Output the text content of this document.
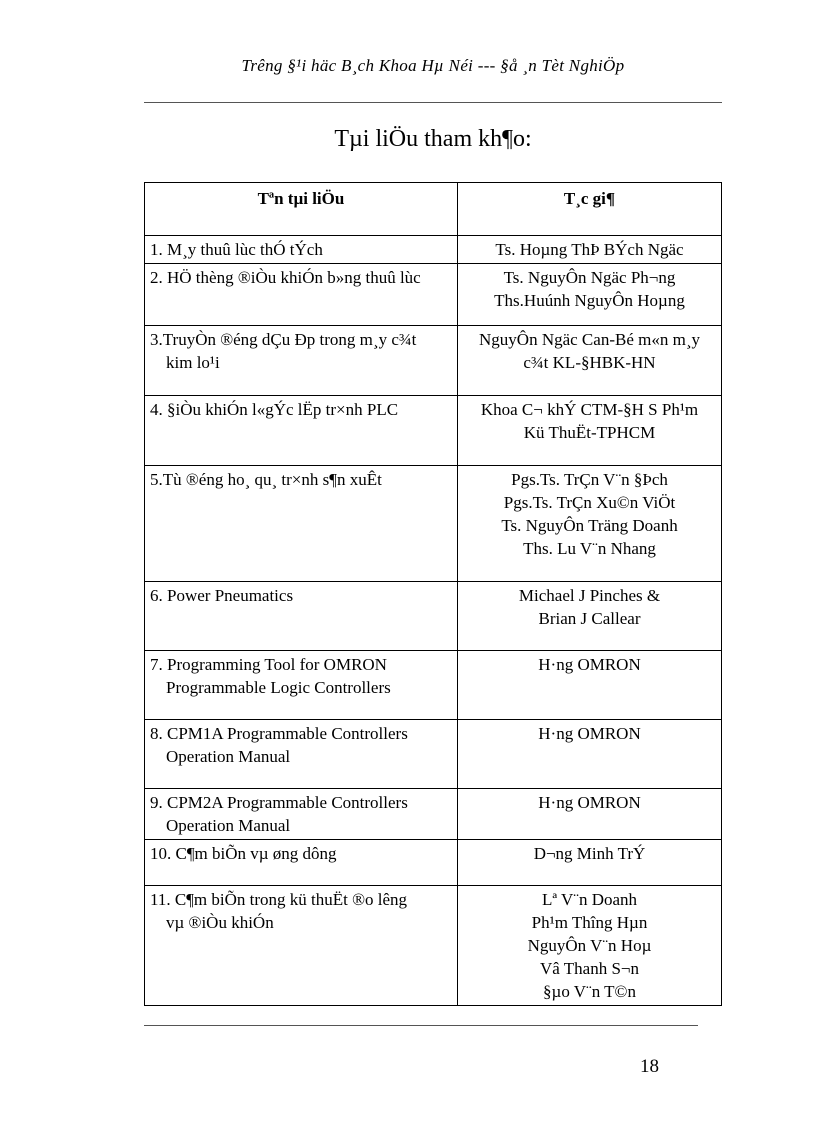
Trêng §¹i häc B¸ch Khoa Hµ Néi --- §å ¸n Tèt NghiÖp
Tµi liÖu tham kh¶o:
Tªn tµi liÖu	T¸c gi¶

1. M¸y thuû lùc thÓ tÝch	Ts. Hoµng ThÞ BÝch Ngäc

2. HÖ thèng ®iÒu khiÓn b»ng thuû lùc	Ts. NguyÔn Ngäc Ph¬ng
Ths.Huúnh NguyÔn Hoµng

3.TruyÒn ®éng dÇu Ðp trong m¸y c¾t
kim lo¹i	NguyÔn Ngäc Can-Bé m«n m¸y
c¾t KL-§HBK-HN

4. §iÒu khiÓn l«gÝc lËp tr×nh PLC	Khoa C¬ khÝ CTM-§H S Ph¹m
Kü ThuËt-TPHCM

5.Tù ®éng ho¸ qu¸ tr×nh s¶n xuÊt	Pgs.Ts. TrÇn V¨n §Þch
Pgs.Ts. TrÇn Xu©n ViÖt
Ts. NguyÔn Träng Doanh
Ths. Lu V¨n Nhang

6. Power Pneumatics	Michael J Pinches &
Brian J Callear

7. Programming Tool for OMRON
Programmable Logic Controllers	H·ng OMRON

8. CPM1A Programmable Controllers
Operation Manual	H·ng OMRON

9. CPM2A Programmable Controllers
Operation Manual	H·ng OMRON

10. C¶m biÕn vµ øng dông	D¬ng Minh TrÝ

11. C¶m biÕn trong kü thuËt ®o lêng
vµ ®iÒu khiÓn	Lª V¨n Doanh
Ph¹m Thîng Hµn
NguyÔn V¨n Hoµ
Vâ Thanh S¬n
§µo V¨n T©n
18
